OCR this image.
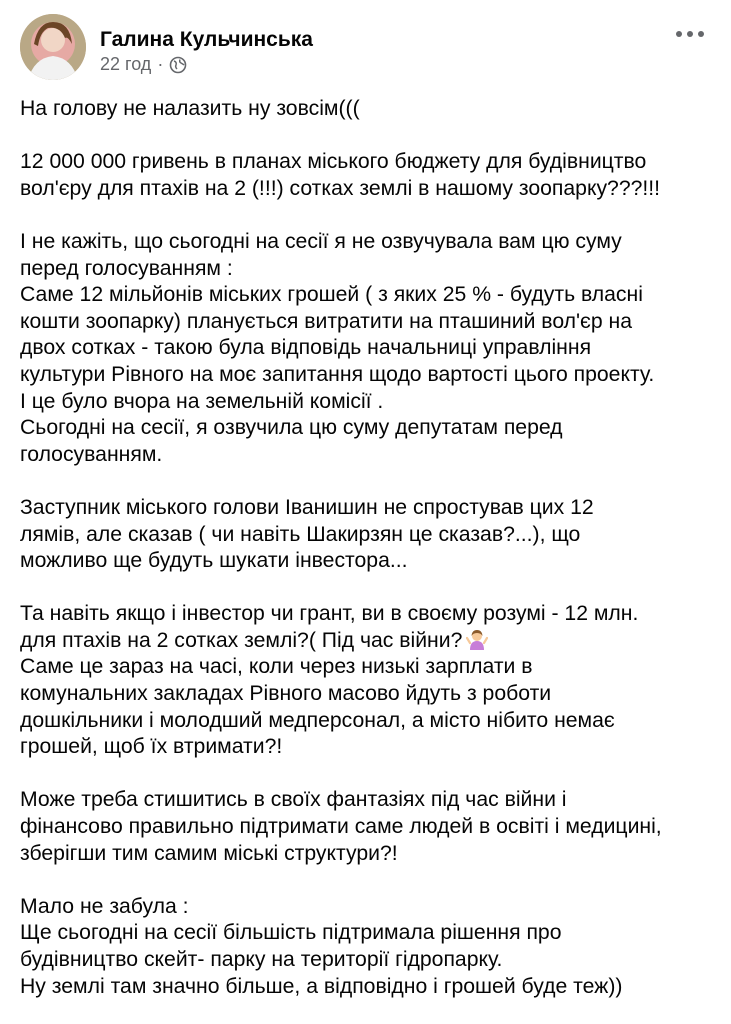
Галина Кульчинська
22 год ·
На голову не налазить ну зовсім(((
12 000 000 гривень в планах міського бюджету для будівництво
вол'єру для птахів на 2 (!!!) сотках землі в нашому зоопарку???!!!
І не кажіть, що сьогодні на сесії я не озвучувала вам цю суму
перед голосуванням :
Саме 12 мільйонів міських грошей ( з яких 25 % - будуть власні
кошти зоопарку) планується витратити на пташиний вол'єр на
двох сотках - такою була відповідь начальниці управління
культури Рівного на моє запитання щодо вартості цього проекту.
І це було вчора на земельній комісії .
Сьогодні на сесії, я озвучила цю суму депутатам перед
голосуванням.
Заступник міського голови Іванишин не спростував цих 12
лямів, але сказав ( чи навіть Шакирзян це сказав?...), що
можливо ще будуть шукати інвестора...
Та навіть якщо і інвестор чи грант, ви в своєму розумі - 12 млн.
для птахів на 2 сотках землі?( Під час війни?
Саме це зараз на часі, коли через низькі зарплати в
комунальних закладах Рівного масово йдуть з роботи
дошкільники і молодший медперсонал, а місто нібито немає
грошей, щоб їх втримати?!
Може треба стишитись в своїх фантазіях під час війни і
фінансово правильно підтримати саме людей в освіті і медицині,
зберігши тим самим міські структури?!
Мало не забула :
Ще сьогодні на сесії більшість підтримала рішення про
будівництво скейт- парку на території гідропарку.
Ну землі там значно більше, а відповідно і грошей буде теж))
